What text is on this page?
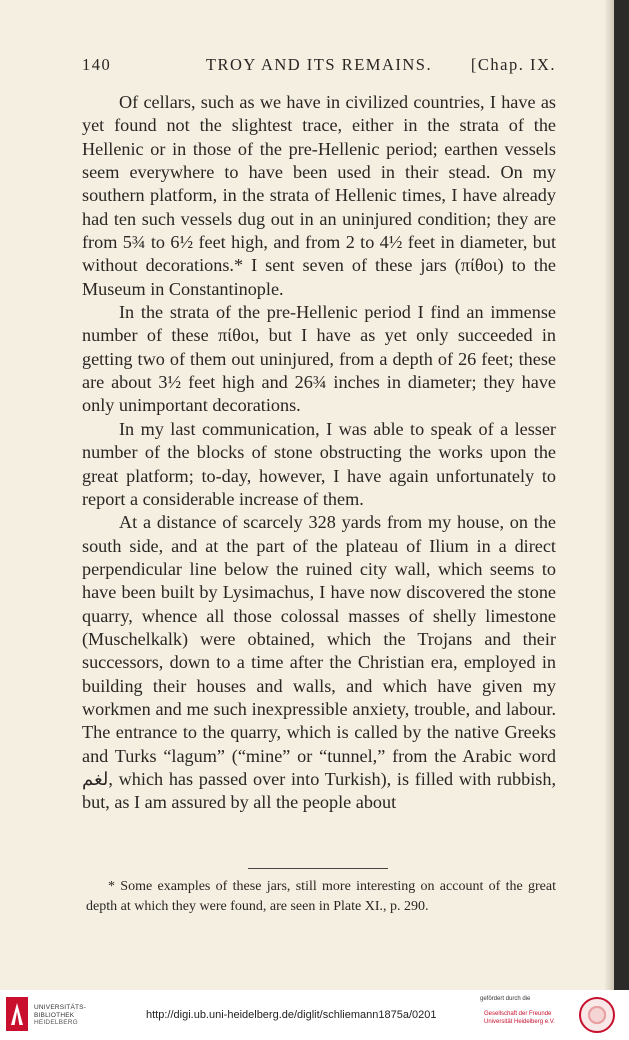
140	TROY AND ITS REMAINS.	[Chap. IX.

Of cellars, such as we have in civilized countries, I have as yet found not the slightest trace, either in the strata of the Hellenic or in those of the pre-Hellenic period; earthen vessels seem everywhere to have been used in their stead. On my southern platform, in the strata of Hellenic times, I have already had ten such vessels dug out in an uninjured condition; they are from 5¾ to 6½ feet high, and from 2 to 4½ feet in diameter, but without decorations.* I sent seven of these jars (πίθοι) to the Museum in Constantinople.

In the strata of the pre-Hellenic period I find an immense number of these πίθοι, but I have as yet only succeeded in getting two of them out uninjured, from a depth of 26 feet; these are about 3½ feet high and 26¾ inches in diameter; they have only unimportant decorations.

In my last communication, I was able to speak of a lesser number of the blocks of stone obstructing the works upon the great platform; to-day, however, I have again unfortunately to report a considerable increase of them.

At a distance of scarcely 328 yards from my house, on the south side, and at the part of the plateau of Ilium in a direct perpendicular line below the ruined city wall, which seems to have been built by Lysimachus, I have now discovered the stone quarry, whence all those colossal masses of shelly limestone (Muschelkalk) were obtained, which the Trojans and their successors, down to a time after the Christian era, employed in building their houses and walls, and which have given my workmen and me such inexpressible anxiety, trouble, and labour. The entrance to the quarry, which is called by the native Greeks and Turks “lagum” (“mine” or “tunnel,” from the Arabic word لغم, which has passed over into Turkish), is filled with rubbish, but, as I am assured by all the people about

* Some examples of these jars, still more interesting on account of the great depth at which they were found, are seen in Plate XI., p. 290.

UNIVERSITÄTS-
BIBLIOTHEK
HEIDELBERG
http://digi.ub.uni-heidelberg.de/diglit/schliemann1875a/0201
gefördert durch die
Gesellschaft der Freunde
Universität Heidelberg e.V.
